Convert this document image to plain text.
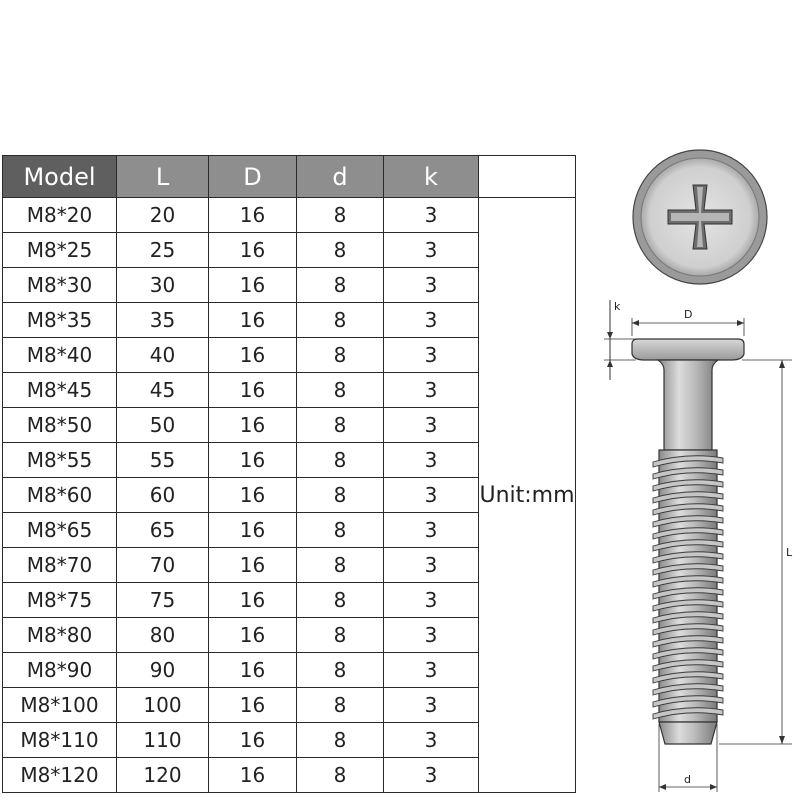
Model	L	D	d	k	
M8*20	20	16	8	3	Unit:mm
M8*25	25	16	8	3	
M8*30	30	16	8	3	
M8*35	35	16	8	3	
M8*40	40	16	8	3	
M8*45	45	16	8	3	
M8*50	50	16	8	3	
M8*55	55	16	8	3	
M8*60	60	16	8	3	
M8*65	65	16	8	3	
M8*70	70	16	8	3	
M8*75	75	16	8	3	
M8*80	80	16	8	3	
M8*90	90	16	8	3	
M8*100	100	16	8	3	
M8*110	110	16	8	3	
M8*120	120	16	8	3	
k
D
L
d
